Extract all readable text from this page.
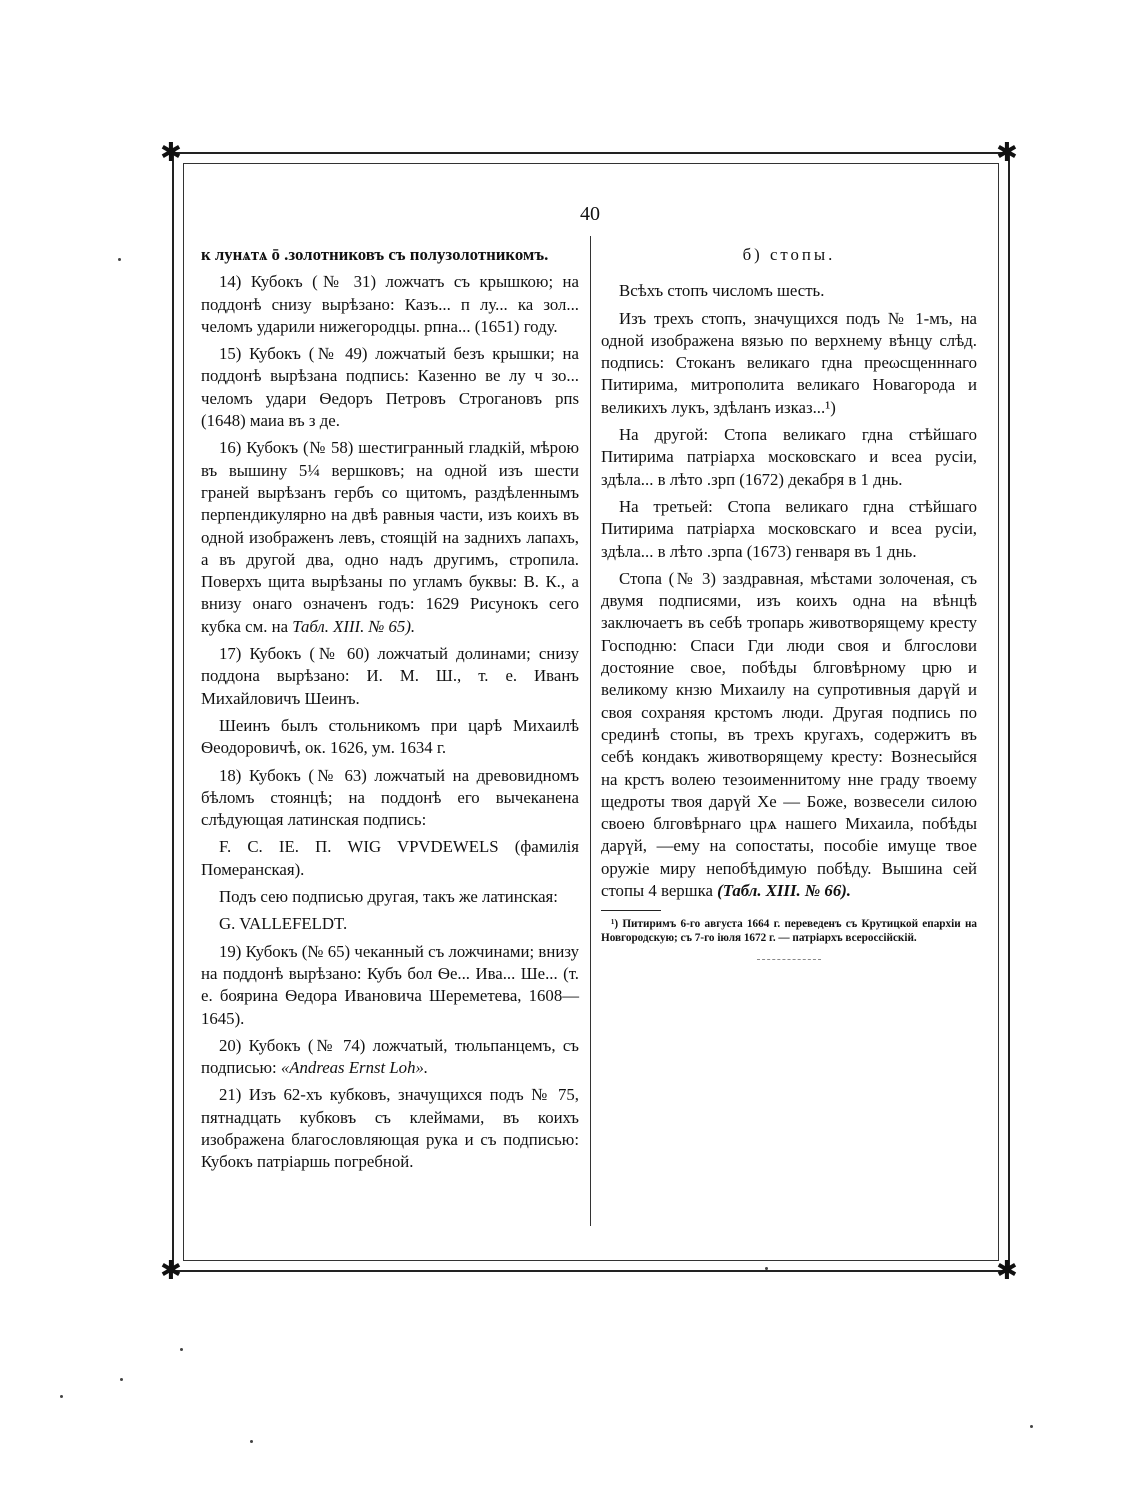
✱	✱
✱	✱
40

к лунѧтѧ ō .золотниковъ съ полузолотникомъ.

14) Кубокъ (№ 31) ложчатъ съ крышкою; на поддонѣ снизу вырѣзано: Казъ... п лу... ка зол... челомъ ударили нижегородцы. рпна... (1651) году.

15) Кубокъ (№ 49) ложчатый безъ крышки; на поддонѣ вырѣзана подпись: Казенно ве лу ч зо... челомъ удари Ѳедоръ Петровъ Строгановъ рпѕ (1648) маиа въ з де.

16) Кубокъ (№ 58) шестигранный гладкій, мѣрою въ вышину 5¼ вершковъ; на одной изъ шести граней вырѣзанъ гербъ со щитомъ, раздѣленнымъ перпендикулярно на двѣ равныя части, изъ коихъ въ одной изображенъ левъ, стоящій на заднихъ лапахъ, а въ другой два, одно надъ другимъ, стропила. Поверхъ щита вырѣзаны по угламъ буквы: В. К., а внизу онаго означенъ годъ: 1629 Рисунокъ сего кубка см. на Табл. XIII. № 65).

17) Кубокъ (№ 60) ложчатый долинами; снизу поддона вырѣзано: И. М. Ш., т. е. Иванъ Михайловичъ Шеинъ.

Шеинъ былъ стольникомъ при царѣ Михаилѣ Ѳеодоровичѣ, ок. 1626, ум. 1634 г.

18) Кубокъ (№ 63) ложчатый на древовидномъ бѣломъ стоянцѣ; на поддонѣ его вычеканена слѣдующая латинская подпись:

F. C. IE. П. WIG VPVDEWELS (фамилія Померанская).

Подъ сею подписью другая, такъ же латинская:

G. VALLEFELDT.

19) Кубокъ (№ 65) чеканный съ ложчинами; внизу на поддонѣ вырѣзано: Кубъ бол Ѳе... Ива... Ше... (т. е. боярина Ѳедора Ивановича Шереметева, 1608—1645).

20) Кубокъ (№ 74) ложчатый, тюльпанцемъ, съ подписью: «Andreas Ernst Loh».

21) Изъ 62-хъ кубковъ, значущихся подъ № 75, пятнадцать кубковъ съ клеймами, въ коихъ изображена благословляющая рука и съ подписью: Кубокъ патріаршь погребной.

б) стопы.

Всѣхъ стопъ числомъ шесть.

Изъ трехъ стопъ, значущихся подъ № 1-мъ, на одной изображена вязью по верхнему вѣнцу слѣд. подпись: Стоканъ великаго гдна преωсщенннаго Питирима, митрополита великаго Новагорода и великихъ лукъ, здѣланъ изказ...¹)

На другой: Стопа великаго гдна стѣйшаго Питирима патріарха московскаго и всеа русіи, здѣла... в лѣто .зрп (1672) декабря в 1 днь.

На третьей: Стопа великаго гдна стѣйшаго Питирима патріарха московскаго и всеа русіи, здѣла... в лѣто .зрпа (1673) генваря въ 1 днь.

Стопа (№ 3) заздравная, мѣстами золоченая, съ двумя подписями, изъ коихъ одна на вѣнцѣ заключаетъ въ себѣ тропарь животворящему кресту Господню: Спаси Гди люди своя и блгослови достояние свое, побѣды блговѣрному црю и великому кнзю Михаилу на супротивныя дарүй и своя сохраняя крстомъ люди. Другая подпись по срединѣ стопы, въ трехъ кругахъ, содержитъ въ себѣ кондакъ животворящему кресту: Вознесыйся на крстъ волею тезоименнитому нне граду твоему щедроты твоя дарүй Хе — Боже, возвесели силою своею блговѣрнаго црѧ нашего Михаила, побѣды дарүй, —ему на сопостаты, пособіе имуще твое оружіе миру непобѣдимую побѣду. Вышина сей стопы 4 вершка (Табл. XIII. № 66).

¹) Питиримъ 6-го августа 1664 г. переведенъ съ Крутицкой епархіи на Новгородскую; съ 7-го іюля 1672 г. — патріархъ всероссійскій.
